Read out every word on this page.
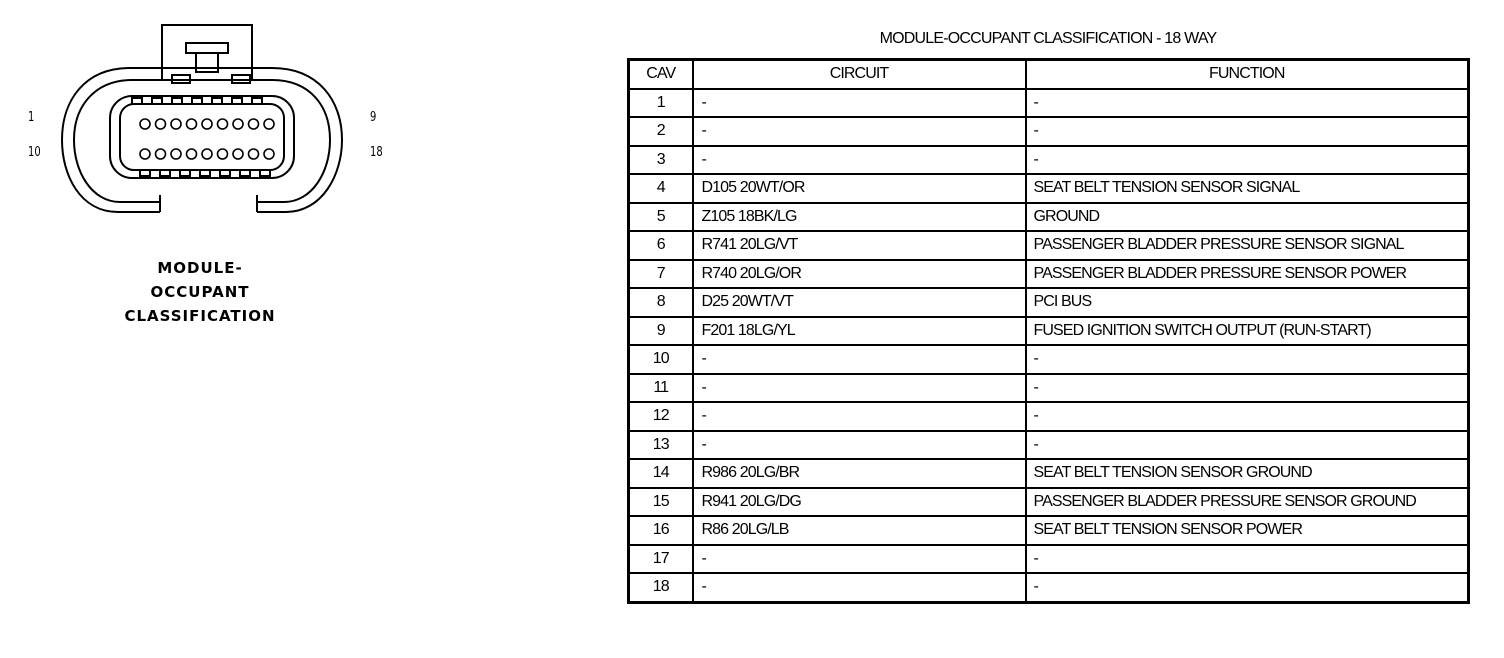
1
10
9
18
MODULE-
OCCUPANT
CLASSIFICATION
MODULE-OCCUPANT CLASSIFICATION - 18 WAY
CAV	CIRCUIT	FUNCTION
1	-	-
2	-	-
3	-	-
4	D105 20WT/OR	SEAT BELT TENSION SENSOR SIGNAL
5	Z105 18BK/LG	GROUND
6	R741 20LG/VT	PASSENGER BLADDER PRESSURE SENSOR SIGNAL
7	R740 20LG/OR	PASSENGER BLADDER PRESSURE SENSOR POWER
8	D25 20WT/VT	PCI BUS
9	F201 18LG/YL	FUSED IGNITION SWITCH OUTPUT (RUN-START)
10	-	-
11	-	-
12	-	-
13	-	-
14	R986 20LG/BR	SEAT BELT TENSION SENSOR GROUND
15	R941 20LG/DG	PASSENGER BLADDER PRESSURE SENSOR GROUND
16	R86 20LG/LB	SEAT BELT TENSION SENSOR POWER
17	-	-
18	-	-
